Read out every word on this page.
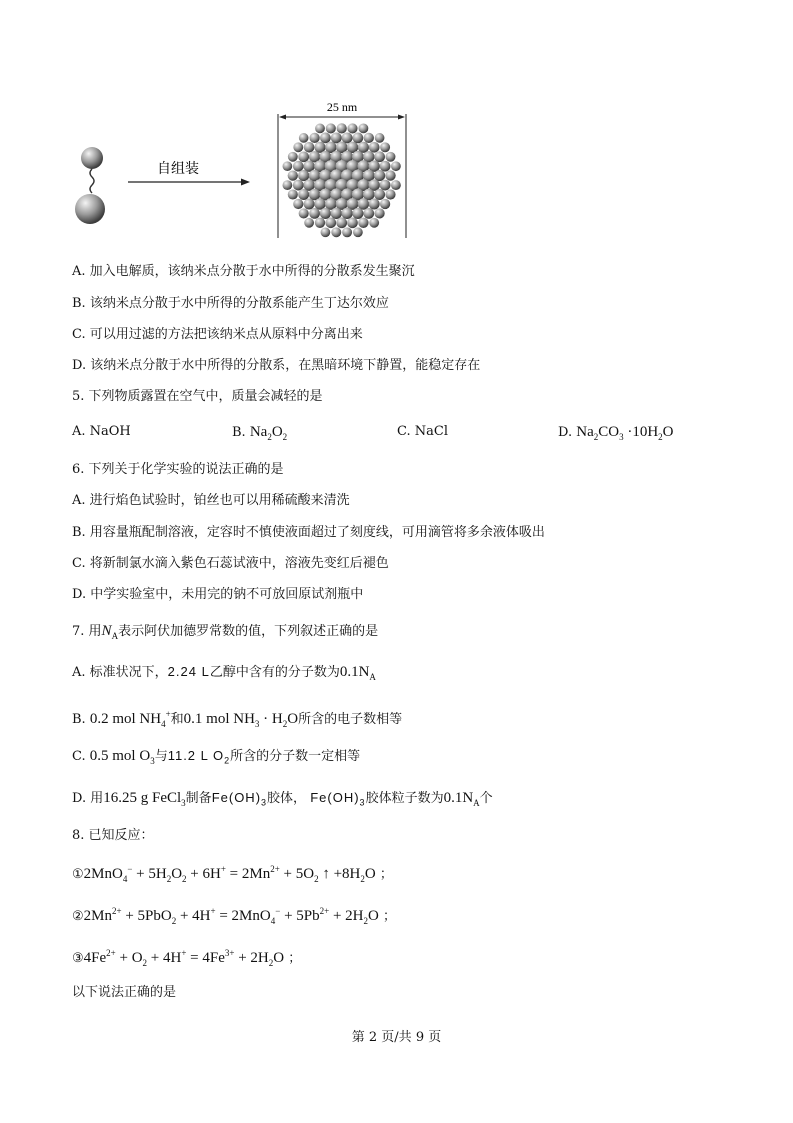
自组装
25 nm
A. 加入电解质，该纳米点分散于水中所得的分散系发生聚沉
B. 该纳米点分散于水中所得的分散系能产生丁达尔效应
C. 可以用过滤的方法把该纳米点从原料中分离出来
D. 该纳米点分散于水中所得的分散系，在黑暗环境下静置，能稳定存在
5. 下列物质露置在空气中，质量会减轻的是
A. NaOH	B. $Na_2O_2$	C. NaCl	D. $Na_2CO_3 \cdot 10H_2O$
6. 下列关于化学实验的说法正确的是
A. 进行焰色试验时，铂丝也可以用稀硫酸来清洗
B. 用容量瓶配制溶液，定容时不慎使液面超过了刻度线，可用滴管将多余液体吸出
C. 将新制氯水滴入紫色石蕊试液中，溶液先变红后褪色
D. 中学实验室中，未用完的钠不可放回原试剂瓶中
7. 用$N_A$表示阿伏加德罗常数的值，下列叙述正确的是
A. 标准状况下，2.24 L乙醇中含有的分子数为$0.1N_A$
B. 0.2 mol $NH_4^+$和0.1 mol $NH_3 \cdot H_2O$所含的电子数相等
C. 0.5 mol $O_3$与11.2 L $O_2$所含的分子数一定相等
D. 用16.25 g FeCl$_3$制备$Fe(OH)_3$胶体， $Fe(OH)_3$胶体粒子数为$0.1N_A$个
8. 已知反应：
①2MnO$_4$− + $5H_2O_2 + 6H^+ = 2Mn^{2+} + 5O_2$ ↑ $+8H_2O$ ；
$②2Mn^{2+} + 5PbO_2 + 4H^+ = 2MnO_4^- + 5Pb^{2+} + 2H_2O$ ；
$③4Fe^{2+} + O_2 + 4H^+ = 4Fe^{3+} + 2H_2O$ ；
以下说法正确的是
第 2 页/共 9 页
